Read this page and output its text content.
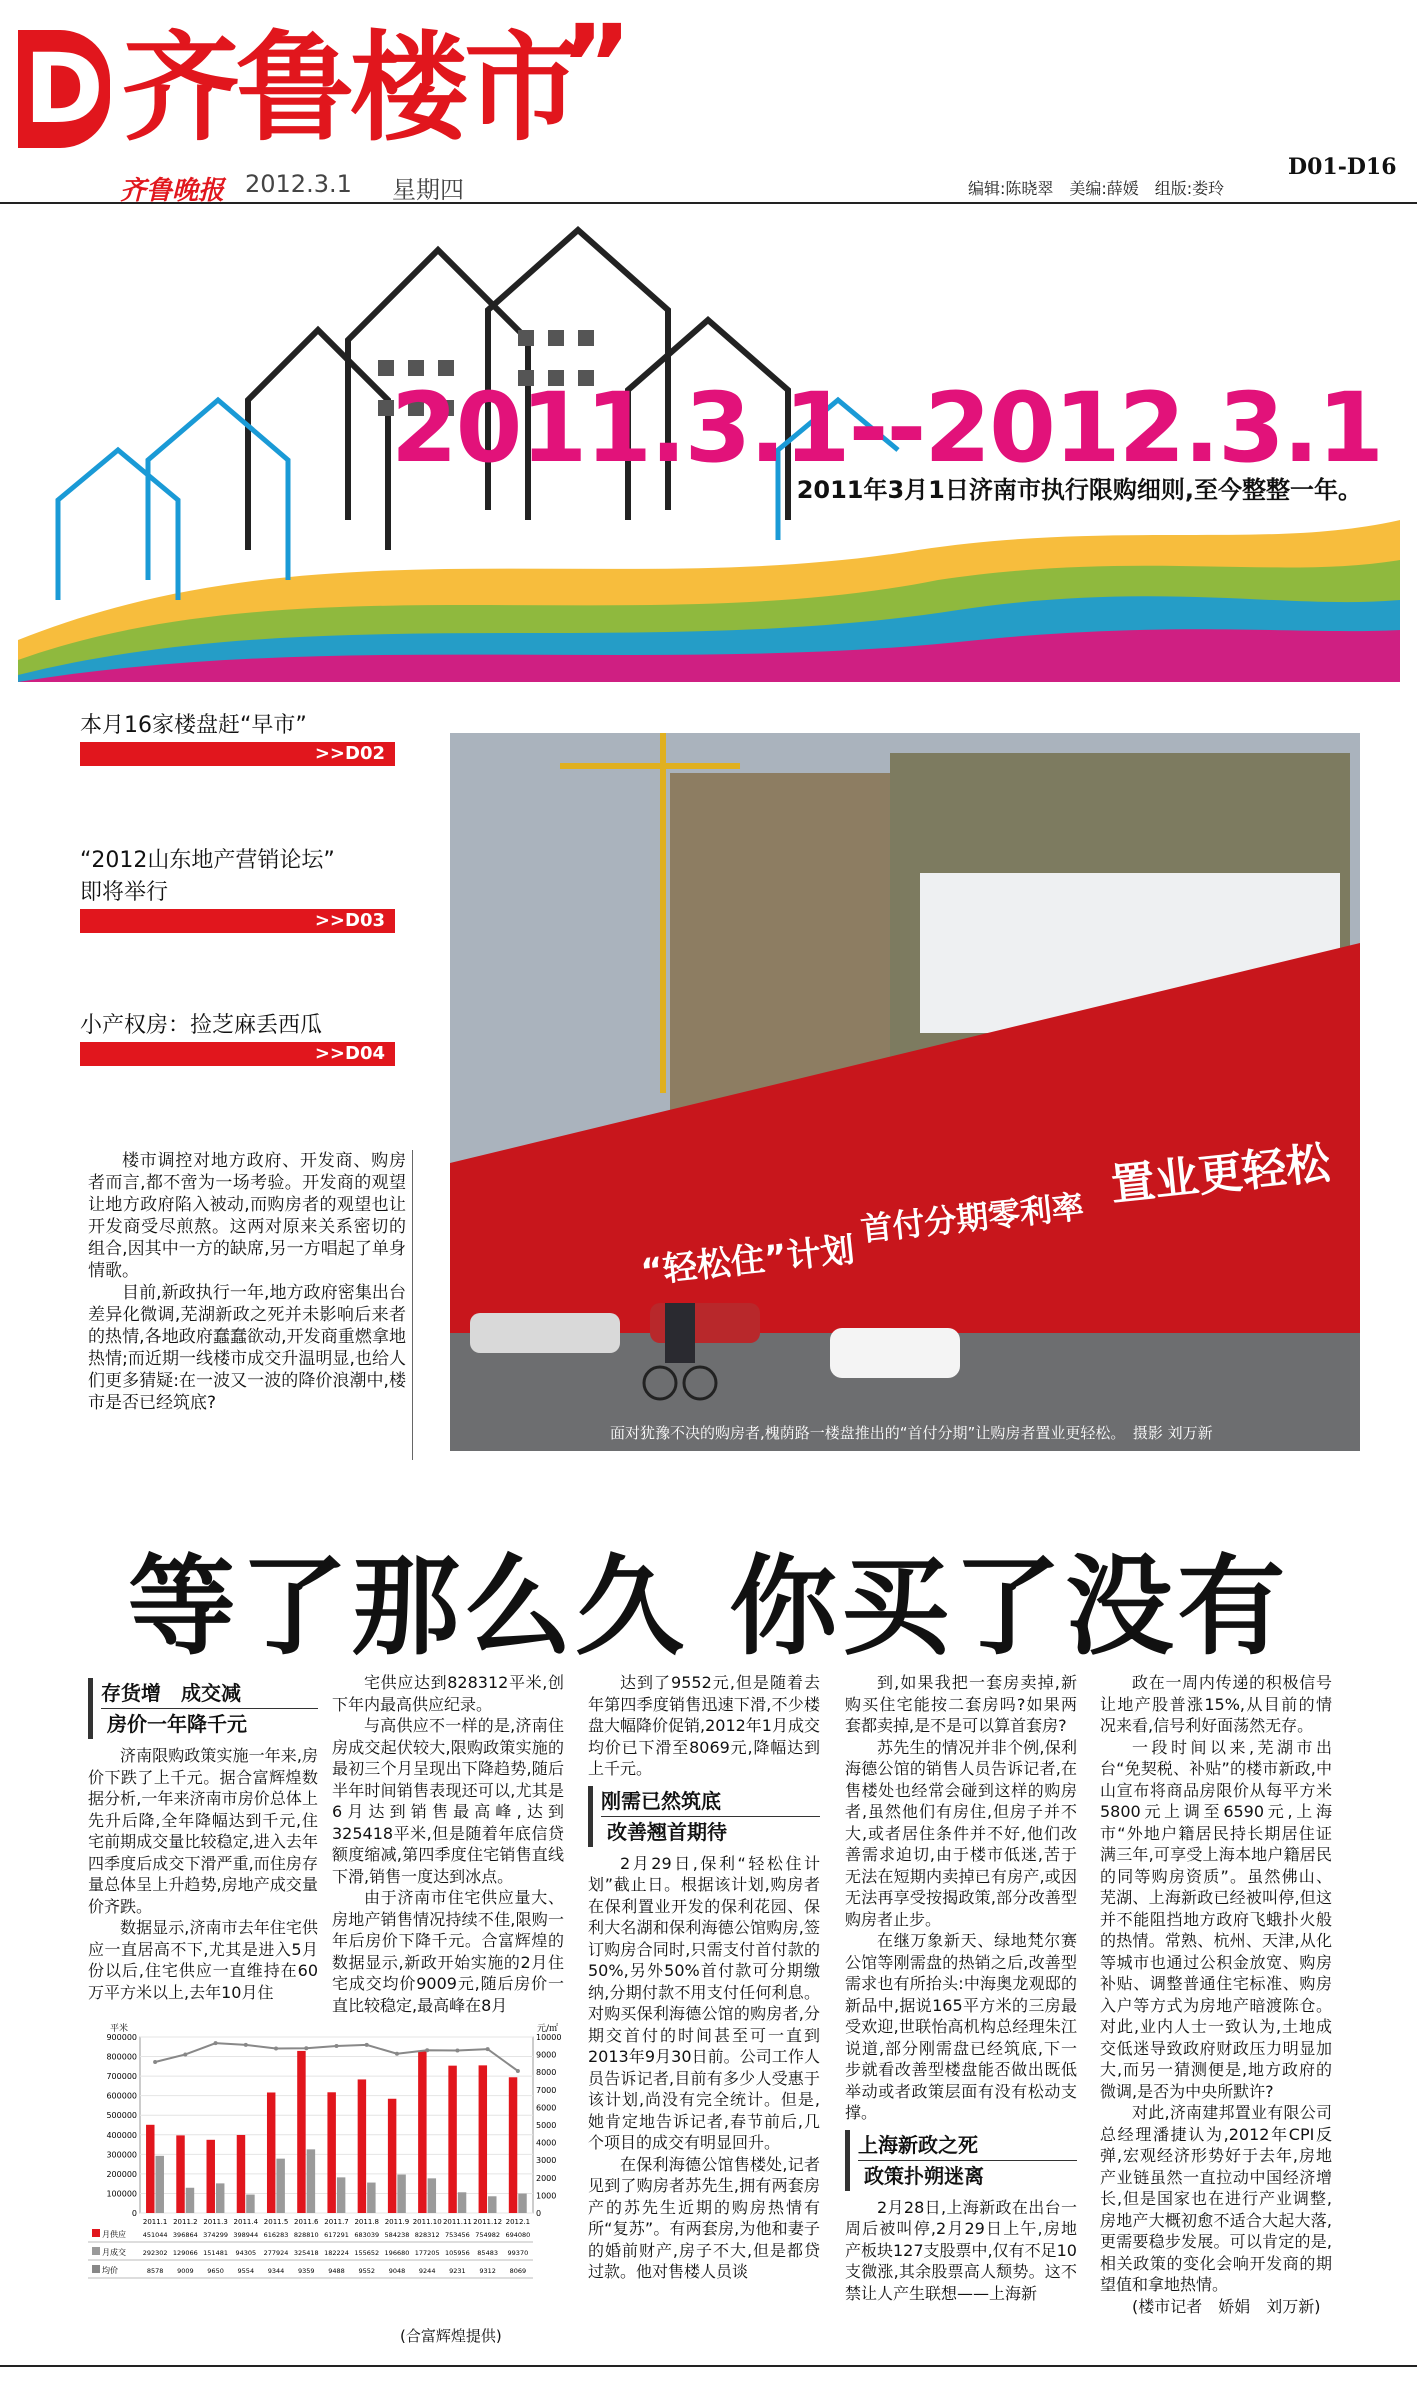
D 齐鲁楼市
”
齐鲁晚报 2012.3.1 星期四	编辑:陈晓翠　美编:薛媛　组版:娄玲
D01-D16
2011.3.1--2012.3.1
2011年3月1日济南市执行限购细则,至今整整一年。
本月16家楼盘赶“早市”
>>D02
“2012山东地产营销论坛”
即将举行
>>D03
小产权房：捡芝麻丢西瓜
>>D04
“轻松住”计划
首付分期零利率
置业更轻松
面对犹豫不决的购房者,槐荫路一楼盘推出的“首付分期”让购房者置业更轻松。　摄影 刘万新

楼市调控对地方政府、开发商、购房者而言,都不啻为一场考验。开发商的观望让地方政府陷入被动,而购房者的观望也让开发商受尽煎熬。这两对原来关系密切的组合,因其中一方的缺席,另一方唱起了单身情歌。

目前,新政执行一年,地方政府密集出台差异化微调,芜湖新政之死并未影响后来者的热情,各地政府蠢蠢欲动,开发商重燃拿地热情;而近期一线楼市成交升温明显,也给人们更多猜疑:在一波又一波的降价浪潮中,楼市是否已经筑底?

等了那么久 你买了没有
存货增　成交减
房价一年降千元

济南限购政策实施一年来,房价下跌了上千元。据合富辉煌数据分析,一年来济南市房价总体上先升后降,全年降幅达到千元,住宅前期成交量比较稳定,进入去年四季度后成交下滑严重,而住房存量总体呈上升趋势,房地产成交量价齐跌。

数据显示,济南市去年住宅供应一直居高不下,尤其是进入5月份以后,住宅供应一直维持在60万平方米以上,去年10月住

宅供应达到828312平米,创下年内最高供应纪录。

与高供应不一样的是,济南住房成交起伏较大,限购政策实施的最初三个月呈现出下降趋势,随后半年时间销售表现还可以,尤其是6月达到销售最高峰,达到325418平米,但是随着年底信贷额度缩减,第四季度住宅销售直线下滑,销售一度达到冰点。

由于济南市住宅供应量大、房地产销售情况持续不佳,限购一年后房价下降千元。合富辉煌的数据显示,新政开始实施的2月住宅成交均价9009元,随后房价一直比较稳定,最高峰在8月

平米	元/㎡
900000
800000
700000
600000
500000
400000
300000
200000
100000
0
10000
9000
8000
7000
6000
5000
4000
3000
2000
1000
0
2011.1 2011.2 2011.3 2011.4 2011.5 2011.6 2011.7 2011.8 2011.9 2011.10 2011.11 2011.12 2012.1
月供应	451044 396864 374299 398944 616283 828810 617291 683039 584238 828312 753456 754982 694080
月成交	292302 129066 151481 94305 277924 325418 182224 155652 196680 177205 105956 85483 99370
均价	8578 9009 9650 9554 9344 9359 9488 9552 9048 9244 9231 9312 8069
(合富辉煌提供)

达到了9552元,但是随着去年第四季度销售迅速下滑,不少楼盘大幅降价促销,2012年1月成交均价已下滑至8069元,降幅达到上千元。

刚需已然筑底
改善翘首期待

2月29日,保利“轻松住计划”截止日。根据该计划,购房者在保利置业开发的保利花园、保利大名湖和保利海德公馆购房,签订购房合同时,只需支付首付款的50%,另外50%首付款可分期缴纳,分期付款不用支付任何利息。对购买保利海德公馆的购房者,分期交首付的时间甚至可一直到2013年9月30日前。公司工作人员告诉记者,目前有多少人受惠于该计划,尚没有完全统计。但是,她肯定地告诉记者,春节前后,几个项目的成交有明显回升。

在保利海德公馆售楼处,记者见到了购房者苏先生,拥有两套房产的苏先生近期的购房热情有所“复苏”。有两套房,为他和妻子的婚前财产,房子不大,但是都贷过款。他对售楼人员谈

到,如果我把一套房卖掉,新购买住宅能按二套房吗?如果两套都卖掉,是不是可以算首套房?

苏先生的情况并非个例,保利海德公馆的销售人员告诉记者,在售楼处也经常会碰到这样的购房者,虽然他们有房住,但房子并不大,或者居住条件并不好,他们改善需求迫切,由于楼市低迷,苦于无法在短期内卖掉已有房产,或因无法再享受按揭政策,部分改善型购房者止步。

在继万象新天、绿地梵尔赛公馆等刚需盘的热销之后,改善型需求也有所抬头:中海奥龙观邸的新品中,据说165平方米的三房最受欢迎,世联怡高机构总经理朱江说道,部分刚需盘已经筑底,下一步就看改善型楼盘能否做出既低举动或者政策层面有没有松动支撑。

上海新政之死
政策扑朔迷离

2月28日,上海新政在出台一周后被叫停,2月29日上午,房地产板块127支股票中,仅有不足10支微涨,其余股票高人颓势。这不禁让人产生联想——上海新

政在一周内传递的积极信号让地产股普涨15%,从目前的情况来看,信号利好面荡然无存。

一段时间以来,芜湖市出台“免契税、补贴”的楼市新政,中山宣布将商品房限价从每平方米5800元上调至6590元,上海市“外地户籍居民持长期居住证满三年,可享受上海本地户籍居民的同等购房资质”。虽然佛山、芜湖、上海新政已经被叫停,但这并不能阻挡地方政府飞蛾扑火般的热情。常熟、杭州、天津,从化等城市也通过公积金放宽、购房补贴、调整普通住宅标准、购房入户等方式为房地产暗渡陈仓。对此,业内人士一致认为,土地成交低迷导致政府财政压力明显加大,而另一猜测便是,地方政府的微调,是否为中央所默许?

对此,济南建邦置业有限公司总经理潘捷认为,2012年CPI反弹,宏观经济形势好于去年,房地产业链虽然一直拉动中国经济增长,但是国家也在进行产业调整,房地产大概初愈不适合大起大落,更需要稳步发展。可以肯定的是,相关政策的变化会响开发商的期望值和拿地热情。

(楼市记者　娇娟　刘万新)
